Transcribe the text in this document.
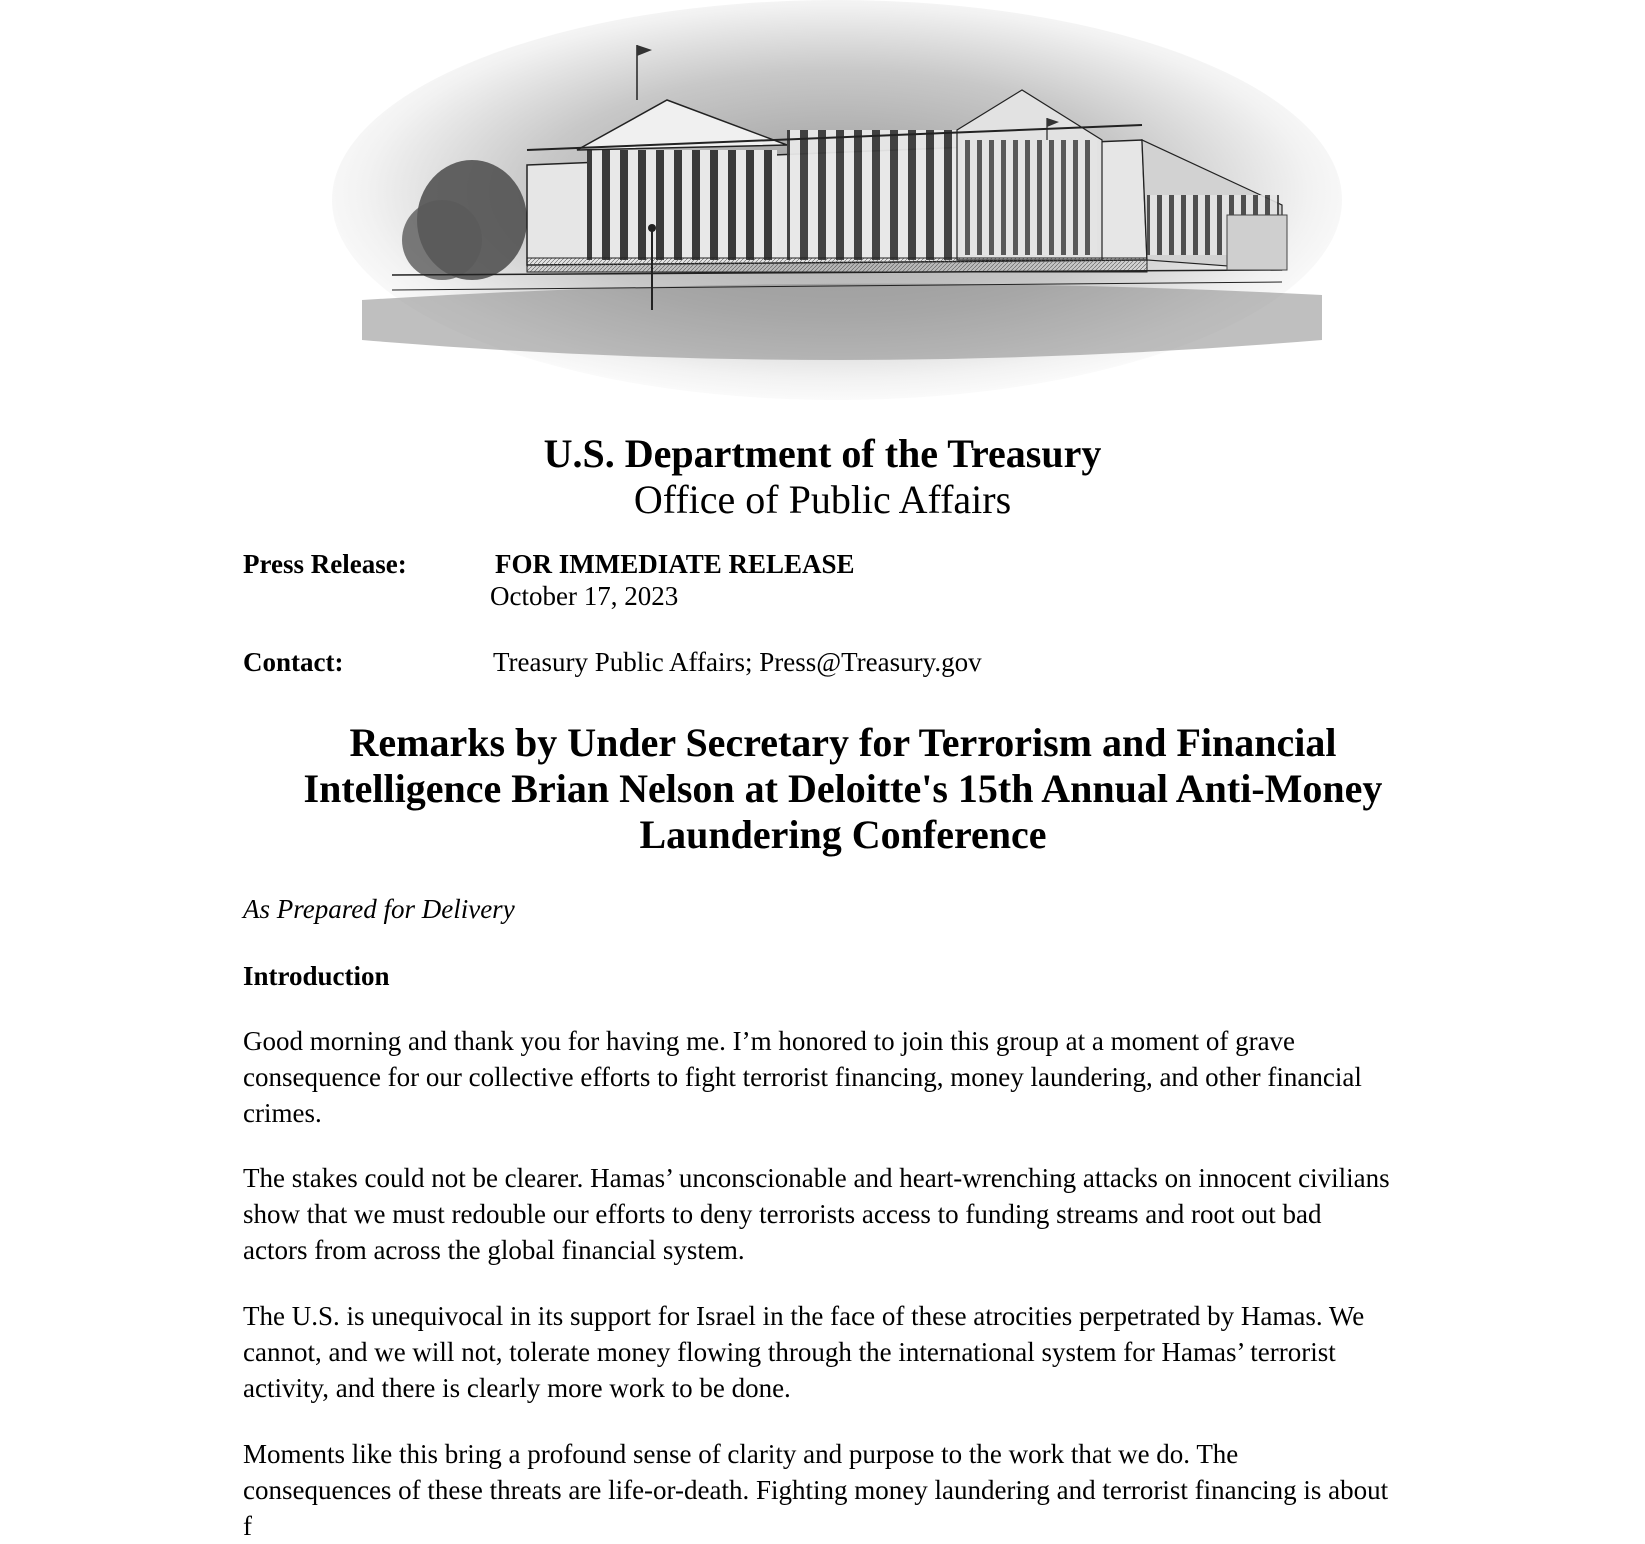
U.S. Department of the Treasury
Office of Public Affairs
Press Release:	FOR IMMEDIATE RELEASE
October 17, 2023
Contact:	Treasury Public Affairs; Press@Treasury.gov
Remarks by Under Secretary for Terrorism and Financial
Intelligence Brian Nelson at Deloitte's 15th Annual Anti-Money
Laundering Conference
As Prepared for Delivery
Introduction

Good morning and thank you for having me. I’m honored to join this group at a moment of grave
consequence for our collective efforts to fight terrorist financing, money laundering, and other financial
crimes.

The stakes could not be clearer. Hamas’ unconscionable and heart-wrenching attacks on innocent civilians
show that we must redouble our efforts to deny terrorists access to funding streams and root out bad
actors from across the global financial system.

The U.S. is unequivocal in its support for Israel in the face of these atrocities perpetrated by Hamas. We
cannot, and we will not, tolerate money flowing through the international system for Hamas’ terrorist
activity, and there is clearly more work to be done.

Moments like this bring a profound sense of clarity and purpose to the work that we do. The
consequences of these threats are life-or-death. Fighting money laundering and terrorist financing is about
f
